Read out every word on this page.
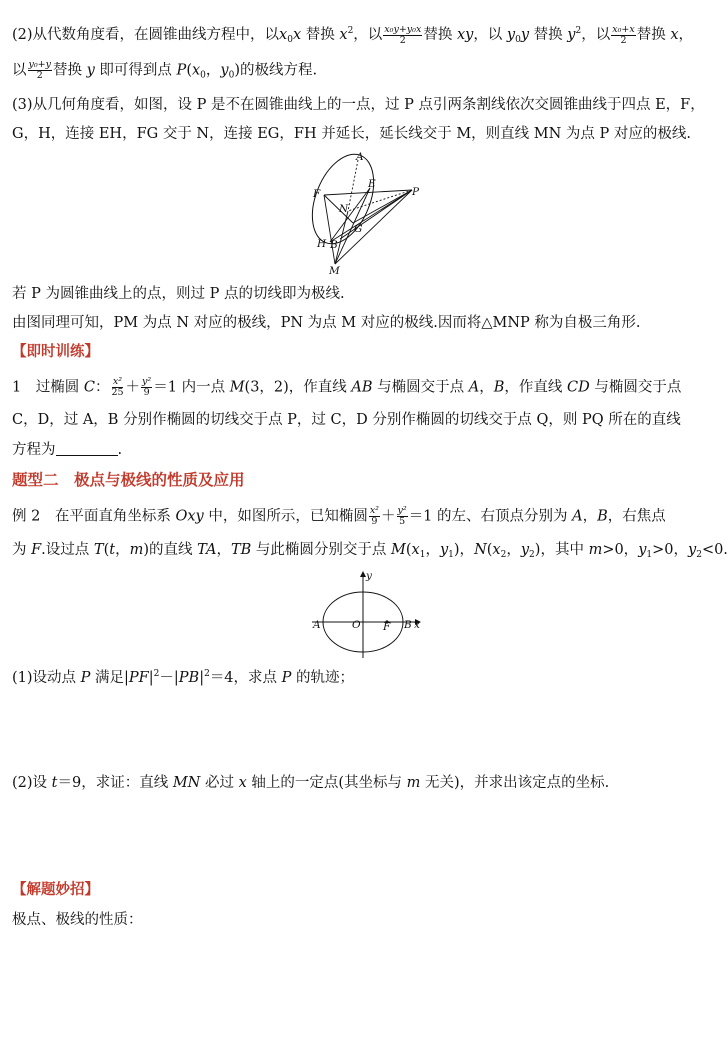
(2)从代数角度看，在圆锥曲线方程中，以$x_0x$ 替换 $x^2$，以 $\frac{\text{x₀y+y₀x}}{2}$ 替换 xy，以 $y_0y$ 替换 $y^2$，以 $\frac{\text{x₀+x}}{2}$ 替换 x，
以 $\frac{\text{y₀+y}}{2}$ 替换 y 即可得到点 $P(x_0$，$y_0$)的极线方程.
(3)从几何角度看，如图，设 P 是不在圆锥曲线上的一点，过 P 点引两条割线依次交圆锥曲线于四点 E，F，
G，H，连接 EH，FG 交于 N，连接 EG，FH 并延长，延长线交于 M，则直线 MN 为点 P 对应的极线.
A
E
F	P
N
G
H B
M
若 P 为圆锥曲线上的点，则过 P 点的切线即为极线.
由图同理可知，PM 为点 N 对应的极线，PN 为点 M 对应的极线.因而将△MNP 称为自极三角形.
【即时训练】
1　过椭圆 C： $\frac{\text{x²}}{25} + \frac{\text{y²}}{9} =1$ 内一点 M(3，2)，作直线 AB 与椭圆交于点 A，B，作直线 CD 与椭圆交于点
C，D，过 A，B 分别作椭圆的切线交于点 P，过 C，D 分别作椭圆的切线交于点 Q，则 PQ 所在的直线
方程为	.
题型二　极点与极线的性质及应用
例 2　在平面直角坐标系 Oxy 中，如图所示，已知椭圆 $\frac{\text{x²}}{9} + \frac{\text{y²}}{5} =1$ 的左、右顶点分别为 A，B，右焦点
为 F.设过点 T(t，m)的直线 TA，TB 与此椭圆分别交于点 $M(x_1$，$y_1$)，$N(x_2$，$y_2$)，其中 m>0，$y_1>0$，$y_2<0$.
y
A	O F B x
(1)设动点 P 满足$|PF|^2-|PB|^2=4$，求点 P 的轨迹；
(2)设 t＝9，求证：直线 MN 必过 x 轴上的一定点(其坐标与 m 无关)，并求出该定点的坐标.
【解题妙招】
极点、极线的性质：
